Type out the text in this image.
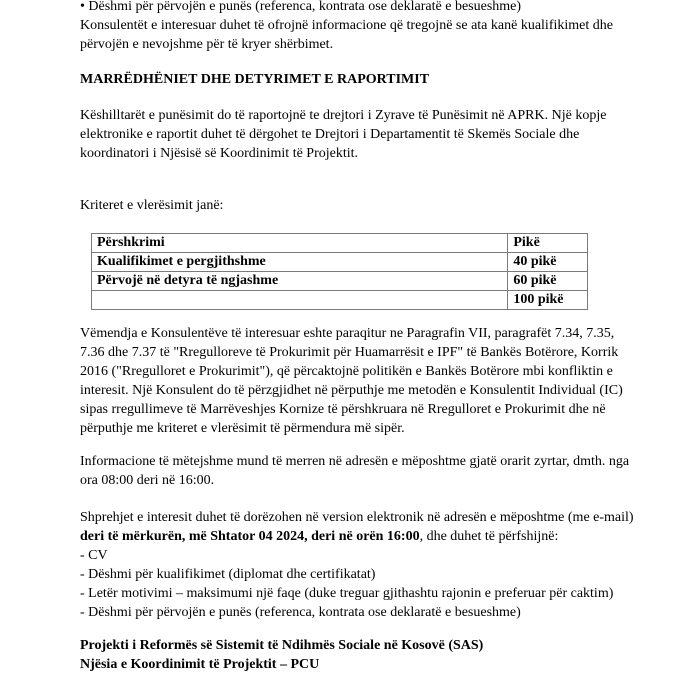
• Dëshmi për përvojën e punës (referenca, kontrata ose deklaratë e besueshme)
Konsulentët e interesuar duhet të ofrojnë informacione që tregojnë se ata kanë kualifikimet dhe
përvojën e nevojshme për të kryer shërbimet.
MARRËDHËNIET DHE DETYRIMET E RAPORTIMIT
Këshilltarët e punësimit do të raportojnë te drejtori i Zyrave të Punësimit në APRK. Një kopje
elektronike e raportit duhet të dërgohet te Drejtori i Departamentit të Skemës Sociale dhe
koordinatori i Njësisë së Koordinimit të Projektit.
Kriteret e vlerësimit janë:
Përshkrimi	Pikë
Kualifikimet e pergjithshme	40 pikë
Përvojë në detyra të ngjashme	60 pikë
	100 pikë
Vëmendja e Konsulentëve të interesuar eshte paraqitur ne Paragrafin VII, paragrafët 7.34, 7.35,
7.36 dhe 7.37 të "Rregulloreve të Prokurimit për Huamarrësit e IPF" të Bankës Botërore, Korrik
2016 ("Rregulloret e Prokurimit"), që përcaktojnë politikën e Bankës Botërore mbi konfliktin e
interesit. Një Konsulent do të përzgjidhet në përputhje me metodën e Konsulentit Individual (IC)
sipas rregullimeve të Marrëveshjes Kornize të përshkruara në Rregulloret e Prokurimit dhe në
përputhje me kriteret e vlerësimit të përmendura më sipër.
Informacione të mëtejshme mund të merren në adresën e mëposhtme gjatë orarit zyrtar, dmth. nga
ora 08:00 deri në 16:00.
Shprehjet e interesit duhet të dorëzohen në version elektronik në adresën e mëposhtme (me e-mail)
deri të mërkurën, më Shtator 04 2024, deri në orën 16:00, dhe duhet të përfshijnë:
- CV
- Dëshmi për kualifikimet (diplomat dhe certifikatat)
- Letër motivimi – maksimumi një faqe (duke treguar gjithashtu rajonin e preferuar për caktim)
- Dëshmi për përvojën e punës (referenca, kontrata ose deklaratë e besueshme)
Projekti i Reformës së Sistemit të Ndihmës Sociale në Kosovë (SAS)
Njësia e Koordinimit të Projektit – PCU
